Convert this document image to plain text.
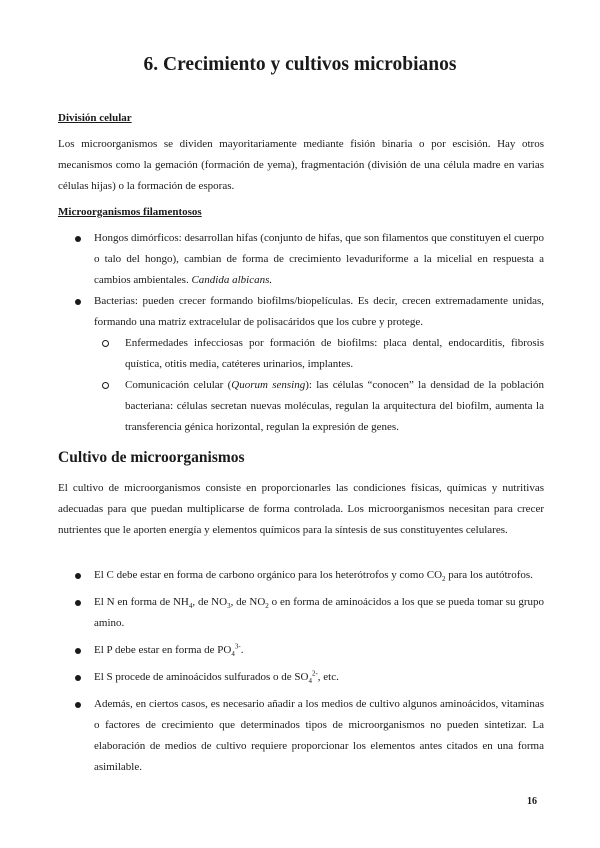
6. Crecimiento y cultivos microbianos

División celular

Los microorganismos se dividen mayoritariamente mediante fisión binaria o por escisión. Hay otros mecanismos como la gemación (formación de yema), fragmentación (división de una célula madre en varias células hijas) o la formación de esporas.

Microorganismos filamentosos

Hongos dimórficos: desarrollan hifas (conjunto de hifas, que son filamentos que constituyen el cuerpo o talo del hongo), cambian de forma de crecimiento levaduriforme a la micelial en respuesta a cambios ambientales. Candida albicans.
Bacterias: pueden crecer formando biofilms/biopelículas. Es decir, crecen extremadamente unidas, formando una matriz extracelular de polisacáridos que los cubre y protege.
Enfermedades infecciosas por formación de biofilms: placa dental, endocarditis, fibrosis quística, otitis media, catéteres urinarios, implantes.
Comunicación celular (Quorum sensing): las células “conocen” la densidad de la población bacteriana: células secretan nuevas moléculas, regulan la arquitectura del biofilm, aumenta la transferencia génica horizontal, regulan la expresión de genes.
Cultivo de microorganismos

El cultivo de microorganismos consiste en proporcionarles las condiciones físicas, químicas y nutritivas adecuadas para que puedan multiplicarse de forma controlada. Los microorganismos necesitan para crecer nutrientes que le aporten energía y elementos químicos para la síntesis de sus constituyentes celulares.

El C debe estar en forma de carbono orgánico para los heterótrofos y como $CO_2$ para los autótrofos.
El N en forma de $NH_4$, de $NO_3$, de $NO_2$ o en forma de aminoácidos a los que se pueda tomar su grupo amino.
El P debe estar en forma de $PO_4^{3-}$.
El S procede de aminoácidos sulfurados o de $SO_4^{2-}$, etc.
Además, en ciertos casos, es necesario añadir a los medios de cultivo algunos aminoácidos, vitaminas o factores de crecimiento que determinados tipos de microorganismos no pueden sintetizar. La elaboración de medios de cultivo requiere proporcionar los elementos antes citados en una forma asimilable.
16
